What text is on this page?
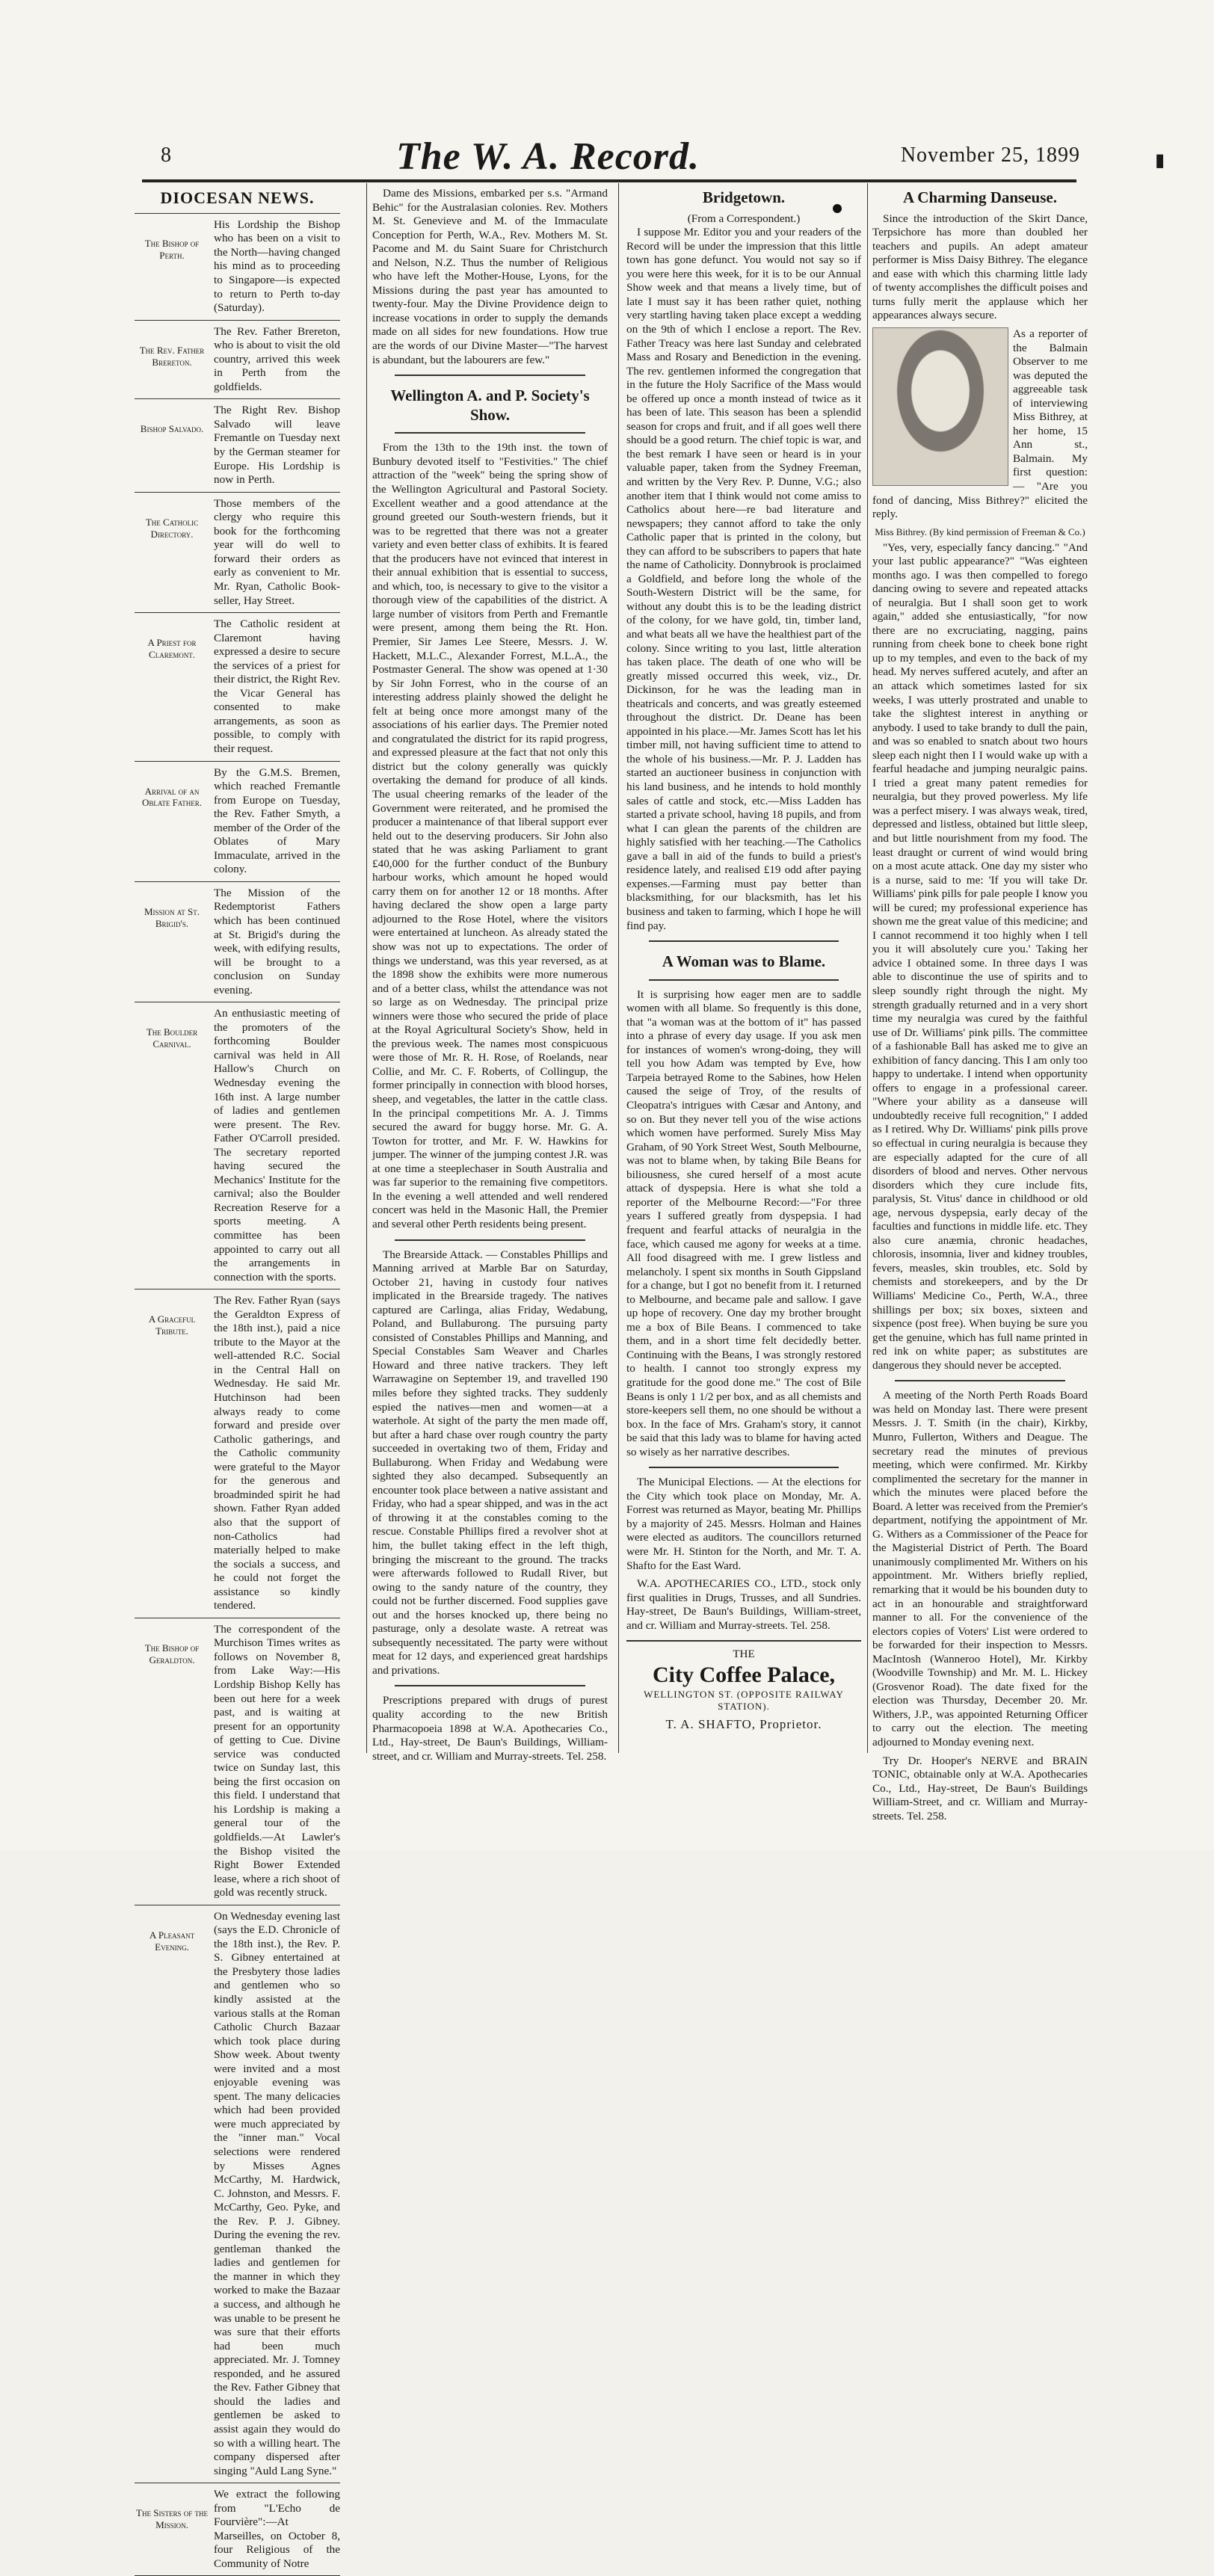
8	The W. A. Record.	November 25, 1899	▮
DIOCESAN NEWS.
The Bishop of Perth.
His Lordship the Bishop who has been on a visit to the North—having changed his mind as to proceeding to Singapore—is expected to return to Perth to-day (Saturday).
The Rev. Father Brereton.
The Rev. Father Brereton, who is about to visit the old country, arrived this week in Perth from the goldfields.
Bishop Salvado.
The Right Rev. Bishop Salvado will leave Fremantle on Tuesday next by the German steamer for Europe. His Lordship is now in Perth.
The Catholic Directory.
Those members of the clergy who require this book for the forthcoming year will do well to forward their orders as early as convenient to Mr. Mr. Ryan, Catholic Book-seller, Hay Street.
A Priest for Claremont.
The Catholic resident at Claremont having expressed a desire to secure the services of a priest for their district, the Right Rev. the Vicar General has consented to make arrangements, as soon as possible, to comply with their request.
Arrival of an Oblate Father.
By the G.M.S. Bremen, which reached Fremantle from Europe on Tuesday, the Rev. Father Smyth, a member of the Order of the Oblates of Mary Immaculate, arrived in the colony.
Mission at St. Brigid's.
The Mission of the Redemptorist Fathers which has been continued at St. Brigid's during the week, with edifying results, will be brought to a conclusion on Sunday evening.
The Boulder Carnival.
An enthusiastic meeting of the promoters of the forthcoming Boulder carnival was held in All Hallow's Church on Wednesday evening the 16th inst. A large number of ladies and gentlemen were present. The Rev. Father O'Carroll presided. The secretary reported having secured the Mechanics' Institute for the carnival; also the Boulder Recreation Reserve for a sports meeting. A committee has been appointed to carry out all the arrangements in connection with the sports.
A Graceful Tribute.
The Rev. Father Ryan (says the Geraldton Express of the 18th inst.), paid a nice tribute to the Mayor at the well-attended R.C. Social in the Central Hall on Wednesday. He said Mr. Hutchinson had been always ready to come forward and preside over Catholic gatherings, and the Catholic community were grateful to the Mayor for the generous and broadminded spirit he had shown. Father Ryan added also that the support of non-Catholics had materially helped to make the socials a success, and he could not forget the assistance so kindly tendered.
The Bishop of Geraldton.
The correspondent of the Murchison Times writes as follows on November 8, from Lake Way:—His Lordship Bishop Kelly has been out here for a week past, and is waiting at present for an opportunity of getting to Cue. Divine service was conducted twice on Sunday last, this being the first occasion on this field. I understand that his Lordship is making a general tour of the goldfields.—At Lawler's the Bishop visited the Right Bower Extended lease, where a rich shoot of gold was recently struck.
A Pleasant Evening.
On Wednesday evening last (says the E.D. Chronicle of the 18th inst.), the Rev. P. S. Gibney entertained at the Presbytery those ladies and gentlemen who so kindly assisted at the various stalls at the Roman Catholic Church Bazaar which took place during Show week. About twenty were invited and a most enjoyable evening was spent. The many delicacies which had been provided were much appreciated by the "inner man." Vocal selections were rendered by Misses Agnes McCarthy, M. Hardwick, C. Johnston, and Messrs. F. McCarthy, Geo. Pyke, and the Rev. P. J. Gibney. During the evening the rev. gentleman thanked the ladies and gentlemen for the manner in which they worked to make the Bazaar a success, and although he was unable to be present he was sure that their efforts had been much appreciated. Mr. J. Tomney responded, and he assured the Rev. Father Gibney that should the ladies and gentlemen be asked to assist again they would do so with a willing heart. The company dispersed after singing "Auld Lang Syne."
The Sisters of the Mission.
We extract the following from "L'Echo de Fourvière":—At Marseilles, on October 8, four Religious of the Community of Notre

Dame des Missions, embarked per s.s. "Armand Behic" for the Australasian colonies. Rev. Mothers M. St. Genevieve and M. of the Immaculate Conception for Perth, W.A., Rev. Mothers M. St. Pacome and M. du Saint Suare for Christchurch and Nelson, N.Z. Thus the number of Religious who have left the Mother-House, Lyons, for the Missions during the past year has amounted to twenty-four. May the Divine Providence deign to increase vocations in order to supply the demands made on all sides for new foundations. How true are the words of our Divine Master—"The harvest is abundant, but the labourers are few."

Wellington A. and P. Society's Show.

From the 13th to the 19th inst. the town of Bunbury devoted itself to "Festivities." The chief attraction of the "week" being the spring show of the Wellington Agricultural and Pastoral Society. Excellent weather and a good attendance at the ground greeted our South-western friends, but it was to be regretted that there was not a greater variety and even better class of exhibits. It is feared that the producers have not evinced that interest in their annual exhibition that is essential to success, and which, too, is necessary to give to the visitor a thorough view of the capabilities of the district. A large number of visitors from Perth and Fremantle were present, among them being the Rt. Hon. Premier, Sir James Lee Steere, Messrs. J. W. Hackett, M.L.C., Alexander Forrest, M.L.A., the Postmaster General. The show was opened at 1·30 by Sir John Forrest, who in the course of an interesting address plainly showed the delight he felt at being once more amongst many of the associations of his earlier days. The Premier noted and congratulated the district for its rapid progress, and expressed pleasure at the fact that not only this district but the colony generally was quickly overtaking the demand for produce of all kinds. The usual cheering remarks of the leader of the Government were reiterated, and he promised the producer a maintenance of that liberal support ever held out to the deserving producers. Sir John also stated that he was asking Parliament to grant £40,000 for the further conduct of the Bunbury harbour works, which amount he hoped would carry them on for another 12 or 18 months. After having declared the show open a large party adjourned to the Rose Hotel, where the visitors were entertained at luncheon. As already stated the show was not up to expectations. The order of things we understand, was this year reversed, as at the 1898 show the exhibits were more numerous and of a better class, whilst the attendance was not so large as on Wednesday. The principal prize winners were those who secured the pride of place at the Royal Agricultural Society's Show, held in the previous week. The names most conspicuous were those of Mr. R. H. Rose, of Roelands, near Collie, and Mr. C. F. Roberts, of Collingup, the former principally in connection with blood horses, sheep, and vegetables, the latter in the cattle class. In the principal competitions Mr. A. J. Timms secured the award for buggy horse. Mr. G. A. Towton for trotter, and Mr. F. W. Hawkins for jumper. The winner of the jumping contest J.R. was at one time a steeplechaser in South Australia and was far superior to the remaining five competitors. In the evening a well attended and well rendered concert was held in the Masonic Hall, the Premier and several other Perth residents being present.

The Brearside Attack. — Constables Phillips and Manning arrived at Marble Bar on Saturday, October 21, having in custody four natives implicated in the Brearside tragedy. The natives captured are Carlinga, alias Friday, Wedabung, Poland, and Bullaburong. The pursuing party consisted of Constables Phillips and Manning, and Special Constables Sam Weaver and Charles Howard and three native trackers. They left Warrawagine on September 19, and travelled 190 miles before they sighted tracks. They suddenly espied the natives—men and women—at a waterhole. At sight of the party the men made off, but after a hard chase over rough country the party succeeded in overtaking two of them, Friday and Bullaburong. When Friday and Wedabung were sighted they also decamped. Subsequently an encounter took place between a native assistant and Friday, who had a spear shipped, and was in the act of throwing it at the constables coming to the rescue. Constable Phillips fired a revolver shot at him, the bullet taking effect in the left thigh, bringing the miscreant to the ground. The tracks were afterwards followed to Rudall River, but owing to the sandy nature of the country, they could not be further discerned. Food supplies gave out and the horses knocked up, there being no pasturage, only a desolate waste. A retreat was subsequently necessitated. The party were without meat for 12 days, and experienced great hardships and privations.

Prescriptions prepared with drugs of purest quality according to the new British Pharmacopoeia 1898 at W.A. Apothecaries Co., Ltd., Hay-street, De Baun's Buildings, William-street, and cr. William and Murray-streets. Tel. 258.

Bridgetown.
(From a Correspondent.)

I suppose Mr. Editor you and your readers of the Record will be under the impression that this little town has gone defunct. You would not say so if you were here this week, for it is to be our Annual Show week and that means a lively time, but of late I must say it has been rather quiet, nothing very startling having taken place except a wedding on the 9th of which I enclose a report. The Rev. Father Treacy was here last Sunday and celebrated Mass and Rosary and Benediction in the evening. The rev. gentlemen informed the congregation that in the future the Holy Sacrifice of the Mass would be offered up once a month instead of twice as it has been of late. This season has been a splendid season for crops and fruit, and if all goes well there should be a good return. The chief topic is war, and the best remark I have seen or heard is in your valuable paper, taken from the Sydney Freeman, and written by the Very Rev. P. Dunne, V.G.; also another item that I think would not come amiss to Catholics about here—re bad literature and newspapers; they cannot afford to take the only Catholic paper that is printed in the colony, but they can afford to be subscribers to papers that hate the name of Catholicity. Donnybrook is proclaimed a Goldfield, and before long the whole of the South-Western District will be the same, for without any doubt this is to be the leading district of the colony, for we have gold, tin, timber land, and what beats all we have the healthiest part of the colony. Since writing to you last, little alteration has taken place. The death of one who will be greatly missed occurred this week, viz., Dr. Dickinson, for he was the leading man in theatricals and concerts, and was greatly esteemed throughout the district. Dr. Deane has been appointed in his place.—Mr. James Scott has let his timber mill, not having sufficient time to attend to the whole of his business.—Mr. P. J. Ladden has started an auctioneer business in conjunction with his land business, and he intends to hold monthly sales of cattle and stock, etc.—Miss Ladden has started a private school, having 18 pupils, and from what I can glean the parents of the children are highly satisfied with her teaching.—The Catholics gave a ball in aid of the funds to build a priest's residence lately, and realised £19 odd after paying expenses.—Farming must pay better than blacksmithing, for our blacksmith, has let his business and taken to farming, which I hope he will find pay.

A Woman was to Blame.

It is surprising how eager men are to saddle women with all blame. So frequently is this done, that "a woman was at the bottom of it" has passed into a phrase of every day usage. If you ask men for instances of women's wrong-doing, they will tell you how Adam was tempted by Eve, how Tarpeia betrayed Rome to the Sabines, how Helen caused the seige of Troy, of the results of Cleopatra's intrigues with Cæsar and Antony, and so on. But they never tell you of the wise actions which women have performed. Surely Miss May Graham, of 90 York Street West, South Melbourne, was not to blame when, by taking Bile Beans for biliousness, she cured herself of a most acute attack of dyspepsia. Here is what she told a reporter of the Melbourne Record:—"For three years I suffered greatly from dyspepsia. I had frequent and fearful attacks of neuralgia in the face, which caused me agony for weeks at a time. All food disagreed with me. I grew listless and melancholy. I spent six months in South Gippsland for a change, but I got no benefit from it. I returned to Melbourne, and became pale and sallow. I gave up hope of recovery. One day my brother brought me a box of Bile Beans. I commenced to take them, and in a short time felt decidedly better. Continuing with the Beans, I was strongly restored to health. I cannot too strongly express my gratitude for the good done me." The cost of Bile Beans is only 1 1/2 per box, and as all chemists and store-keepers sell them, no one should be without a box. In the face of Mrs. Graham's story, it cannot be said that this lady was to blame for having acted so wisely as her narrative describes.

The Municipal Elections. — At the elections for the City which took place on Monday, Mr. A. Forrest was returned as Mayor, beating Mr. Phillips by a majority of 245. Messrs. Holman and Haines were elected as auditors. The councillors returned were Mr. H. Stinton for the North, and Mr. T. A. Shafto for the East Ward.

W.A. APOTHECARIES CO., LTD., stock only first qualities in Drugs, Trusses, and all Sundries. Hay-street, De Baun's Buildings, William-street, and cr. William and Murray-streets. Tel. 258.

THE
City Coffee Palace,
WELLINGTON ST. (OPPOSITE RAILWAY STATION).
T. A. SHAFTO, Proprietor.
A Charming Danseuse.

Since the introduction of the Skirt Dance, Terpsichore has more than doubled her teachers and pupils. An adept amateur performer is Miss Daisy Bithrey. The elegance and ease with which this charming little lady of twenty accomplishes the difficult poises and turns fully merit the applause which her appearances always secure.

As a reporter of the Balmain Observer to me was deputed the aggreeable task of interviewing Miss Bithrey, at her home, 15 Ann st., Balmain. My first question: — "Are you fond of dancing, Miss Bithrey?" elicited the reply.

Miss Bithrey. (By kind permission of Freeman & Co.)

"Yes, very, especially fancy dancing." "And your last public appearance?" "Was eighteen months ago. I was then compelled to forego dancing owing to severe and repeated attacks of neuralgia. But I shall soon get to work again," added she entusiastically, "for now there are no excruciating, nagging, pains running from cheek bone to cheek bone right up to my temples, and even to the back of my head. My nerves suffered acutely, and after an an attack which sometimes lasted for six weeks, I was utterly prostrated and unable to take the slightest interest in anything or anybody. I used to take brandy to dull the pain, and was so enabled to snatch about two hours sleep each night then I I would wake up with a fearful headache and jumping neuralgic pains. I tried a great many patent remedies for neuralgia, but they proved powerless. My life was a perfect misery. I was always weak, tired, depressed and listless, obtained but little sleep, and but little nourishment from my food. The least draught or current of wind would bring on a most acute attack. One day my sister who is a nurse, said to me: 'If you will take Dr. Williams' pink pills for pale people I know you will be cured; my professional experience has shown me the great value of this medicine; and I cannot recommend it too highly when I tell you it will absolutely cure you.' Taking her advice I obtained some. In three days I was able to discontinue the use of spirits and to sleep soundly right through the night. My strength gradually returned and in a very short time my neuralgia was cured by the faithful use of Dr. Williams' pink pills. The committee of a fashionable Ball has asked me to give an exhibition of fancy dancing. This I am only too happy to undertake. I intend when opportunity offers to engage in a professional career. "Where your ability as a danseuse will undoubtedly receive full recognition," I added as I retired. Why Dr. Williams' pink pills prove so effectual in curing neuralgia is because they are especially adapted for the cure of all disorders of blood and nerves. Other nervous disorders which they cure include fits, paralysis, St. Vitus' dance in childhood or old age, nervous dyspepsia, early decay of the faculties and functions in middle life. etc. They also cure anæmia, chronic headaches, chlorosis, insomnia, liver and kidney troubles, fevers, measles, skin troubles, etc. Sold by chemists and storekeepers, and by the Dr Williams' Medicine Co., Perth, W.A., three shillings per box; six boxes, sixteen and sixpence (post free). When buying be sure you get the genuine, which has full name printed in red ink on white paper; as substitutes are dangerous they should never be accepted.

A meeting of the North Perth Roads Board was held on Monday last. There were present Messrs. J. T. Smith (in the chair), Kirkby, Munro, Fullerton, Withers and Deague. The secretary read the minutes of previous meeting, which were confirmed. Mr. Kirkby complimented the secretary for the manner in which the minutes were placed before the Board. A letter was received from the Premier's department, notifying the appointment of Mr. G. Withers as a Commissioner of the Peace for the Magisterial District of Perth. The Board unanimously complimented Mr. Withers on his appointment. Mr. Withers briefly replied, remarking that it would be his bounden duty to act in an honourable and straightforward manner to all. For the convenience of the electors copies of Voters' List were ordered to be forwarded for their inspection to Messrs. MacIntosh (Wanneroo Hotel), Mr. Kirkby (Woodville Township) and Mr. M. L. Hickey (Grosvenor Road). The date fixed for the election was Thursday, December 20. Mr. Withers, J.P., was appointed Returning Officer to carry out the election. The meeting adjourned to Monday evening next.

Try Dr. Hooper's NERVE and BRAIN TONIC, obtainable only at W.A. Apothecaries Co., Ltd., Hay-street, De Baun's Buildings William-Street, and cr. William and Murray-streets. Tel. 258.
